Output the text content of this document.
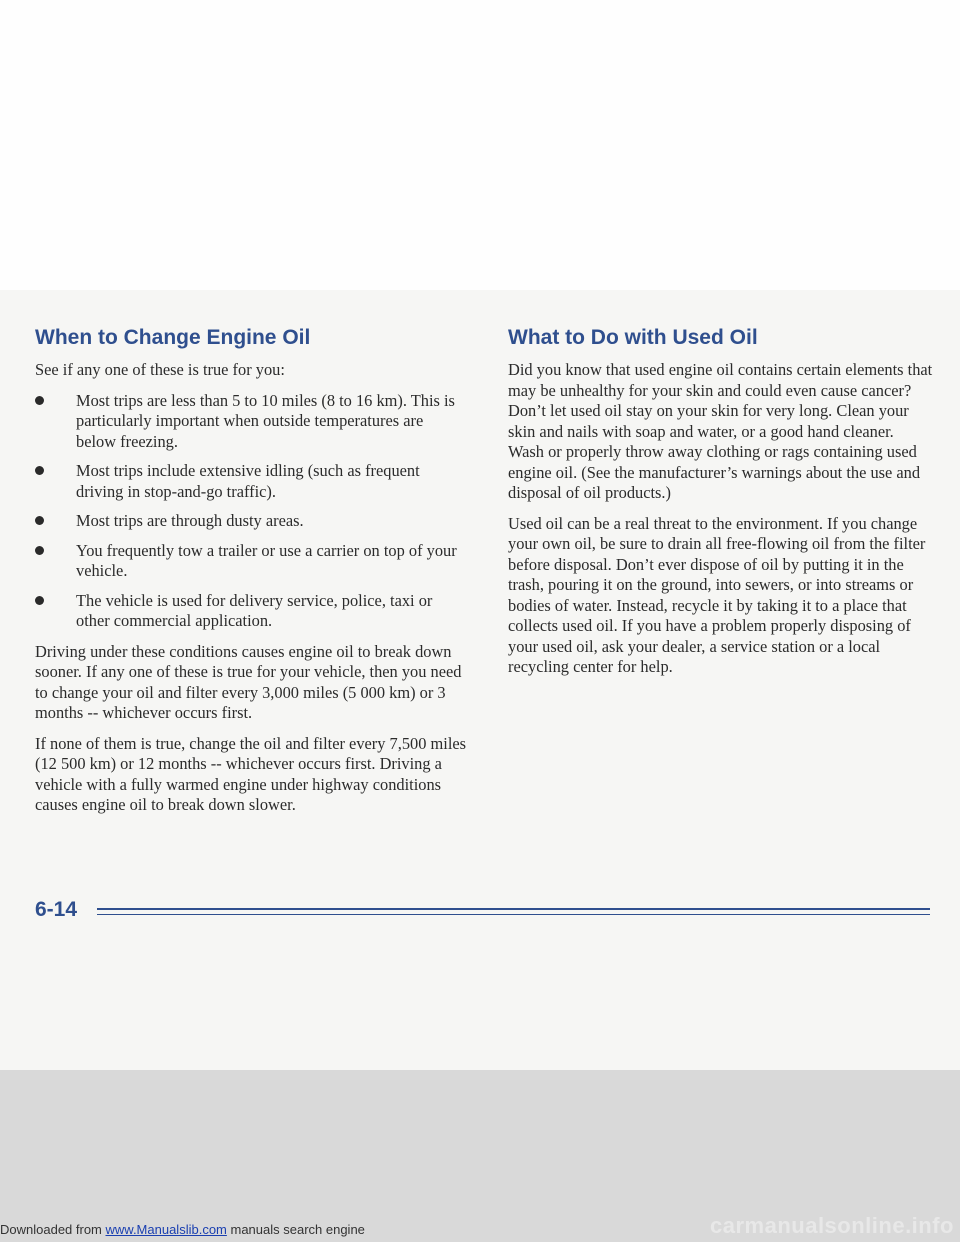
When to Change Engine Oil

See if any one of these is true for you:

Most trips are less than 5 to 10 miles (8 to 16 km). This is particularly important when outside temperatures are below freezing.
Most trips include extensive idling (such as frequent driving in stop-and-go traffic).
Most trips are through dusty areas.
You frequently tow a trailer or use a carrier on top of your vehicle.
The vehicle is used for delivery service, police, taxi or other commercial application.

Driving under these conditions causes engine oil to break down sooner. If any one of these is true for your vehicle, then you need to change your oil and filter every 3,000 miles (5 000 km) or 3 months -- whichever occurs first.

If none of them is true, change the oil and filter every 7,500 miles (12 500 km) or 12 months -- whichever occurs first. Driving a vehicle with a fully warmed engine under highway conditions causes engine oil to break down slower.

What to Do with Used Oil

Did you know that used engine oil contains certain elements that may be unhealthy for your skin and could even cause cancer? Don’t let used oil stay on your skin for very long. Clean your skin and nails with soap and water, or a good hand cleaner. Wash or properly throw away clothing or rags containing used engine oil. (See the manufacturer’s warnings about the use and disposal of oil products.)

Used oil can be a real threat to the environment. If you change your own oil, be sure to drain all free-flowing oil from the filter before disposal. Don’t ever dispose of oil by putting it in the trash, pouring it on the ground, into sewers, or into streams or bodies of water. Instead, recycle it by taking it to a place that collects used oil. If you have a problem properly disposing of your used oil, ask your dealer, a service station or a local recycling center for help.

6-14
Downloaded from www.Manualslib.com manuals search engine	carmanualsonline.info
